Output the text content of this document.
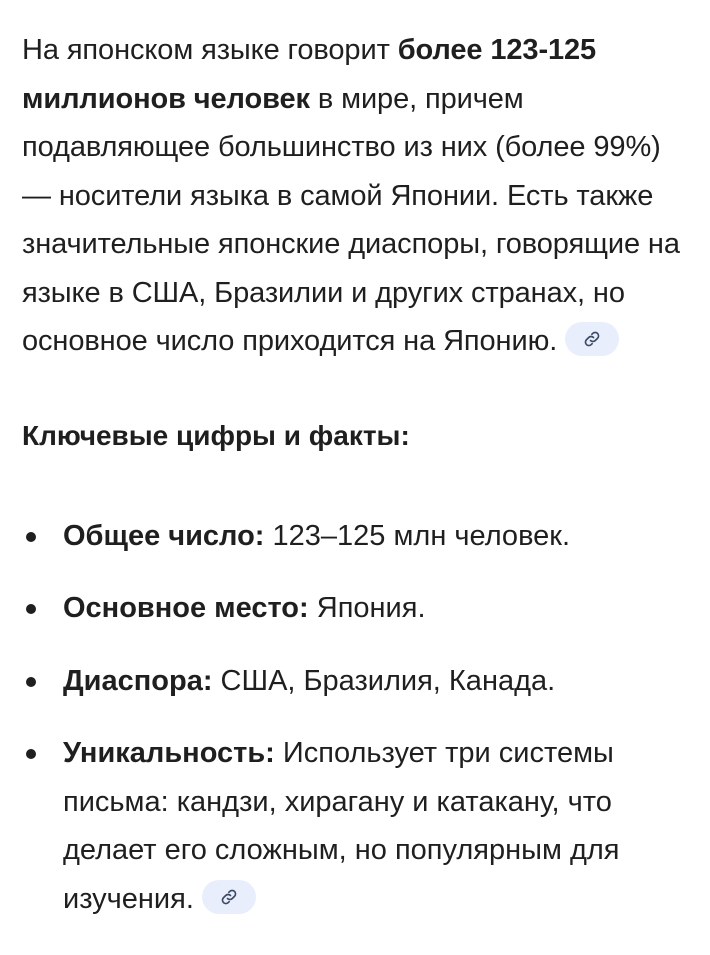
На японском языке говорит более 123-125 миллионов человек в мире, причем подавляющее большинство из них (более 99%) — носители языка в самой Японии. Есть также значительные японские диаспоры, говорящие на языке в США, Бразилии и других странах, но основное число приходится на Японию.

Ключевые цифры и факты:
Общее число: 123–125 млн человек.
Основное место: Япония.
Диаспора: США, Бразилия, Канада.
Уникальность: Использует три системы письма: кандзи, хирагану и катакану, что делает его сложным, но популярным для изучения.
